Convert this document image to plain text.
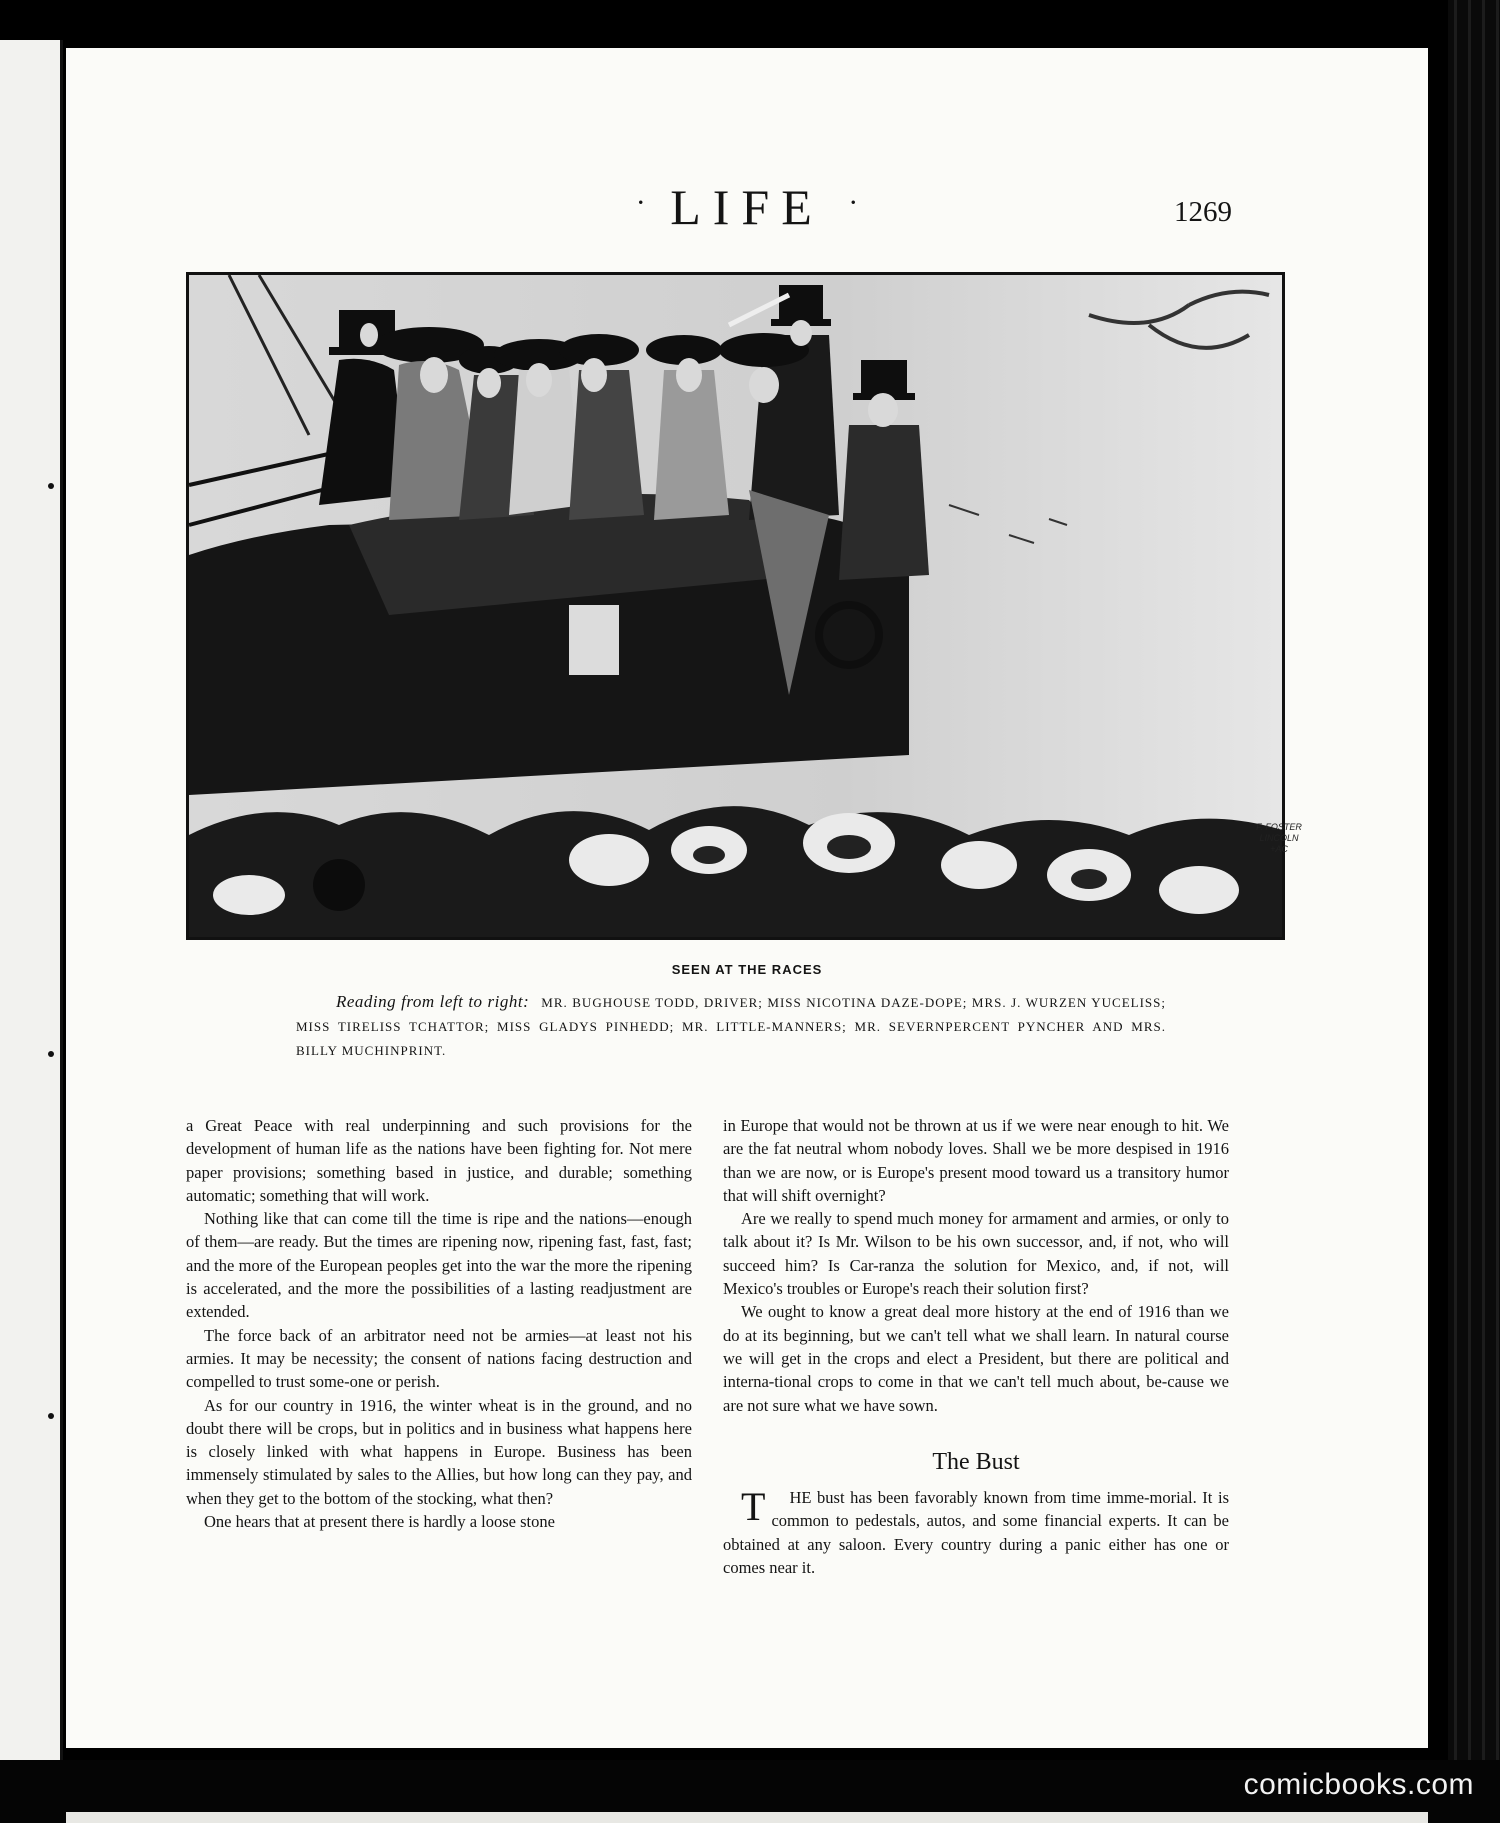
comicbooks.com
· LIFE ·	1269
F. FOSTER
LINCOLN
+AC
SEEN AT THE RACES
Reading from left to right: MR. BUGHOUSE TODD, DRIVER; MISS NICOTINA DAZE-DOPE; MRS. J. WURZEN YUCELISS; MISS TIRELISS TCHATTOR; MISS GLADYS PINHEDD; MR. LITTLE-MANNERS; MR. SEVERNPERCENT PYNCHER AND MRS. BILLY MUCHINPRINT.

a Great Peace with real underpinning and such provisions for the development of human life as the nations have been fighting for. Not mere paper provisions; something based in justice, and durable; something automatic; something that will work.

Nothing like that can come till the time is ripe and the nations—enough of them—are ready. But the times are ripening now, ripening fast, fast, fast; and the more of the European peoples get into the war the more the ripening is accelerated, and the more the possibilities of a lasting readjustment are extended.

The force back of an arbitrator need not be armies—at least not his armies. It may be necessity; the consent of nations facing destruction and compelled to trust some-one or perish.

As for our country in 1916, the winter wheat is in the ground, and no doubt there will be crops, but in politics and in business what happens here is closely linked with what happens in Europe. Business has been immensely stimulated by sales to the Allies, but how long can they pay, and when they get to the bottom of the stocking, what then?

One hears that at present there is hardly a loose stone

in Europe that would not be thrown at us if we were near enough to hit. We are the fat neutral whom nobody loves. Shall we be more despised in 1916 than we are now, or is Europe's present mood toward us a transitory humor that will shift overnight?

Are we really to spend much money for armament and armies, or only to talk about it? Is Mr. Wilson to be his own successor, and, if not, who will succeed him? Is Car-ranza the solution for Mexico, and, if not, will Mexico's troubles or Europe's reach their solution first?

We ought to know a great deal more history at the end of 1916 than we do at its beginning, but we can't tell what we shall learn. In natural course we will get in the crops and elect a President, but there are political and interna-tional crops to come in that we can't tell much about, be-cause we are not sure what we have sown.

The Bust

T HE bust has been favorably known from time imme-morial. It is common to pedestals, autos, and some financial experts. It can be obtained at any saloon. Every country during a panic either has one or comes near it.
